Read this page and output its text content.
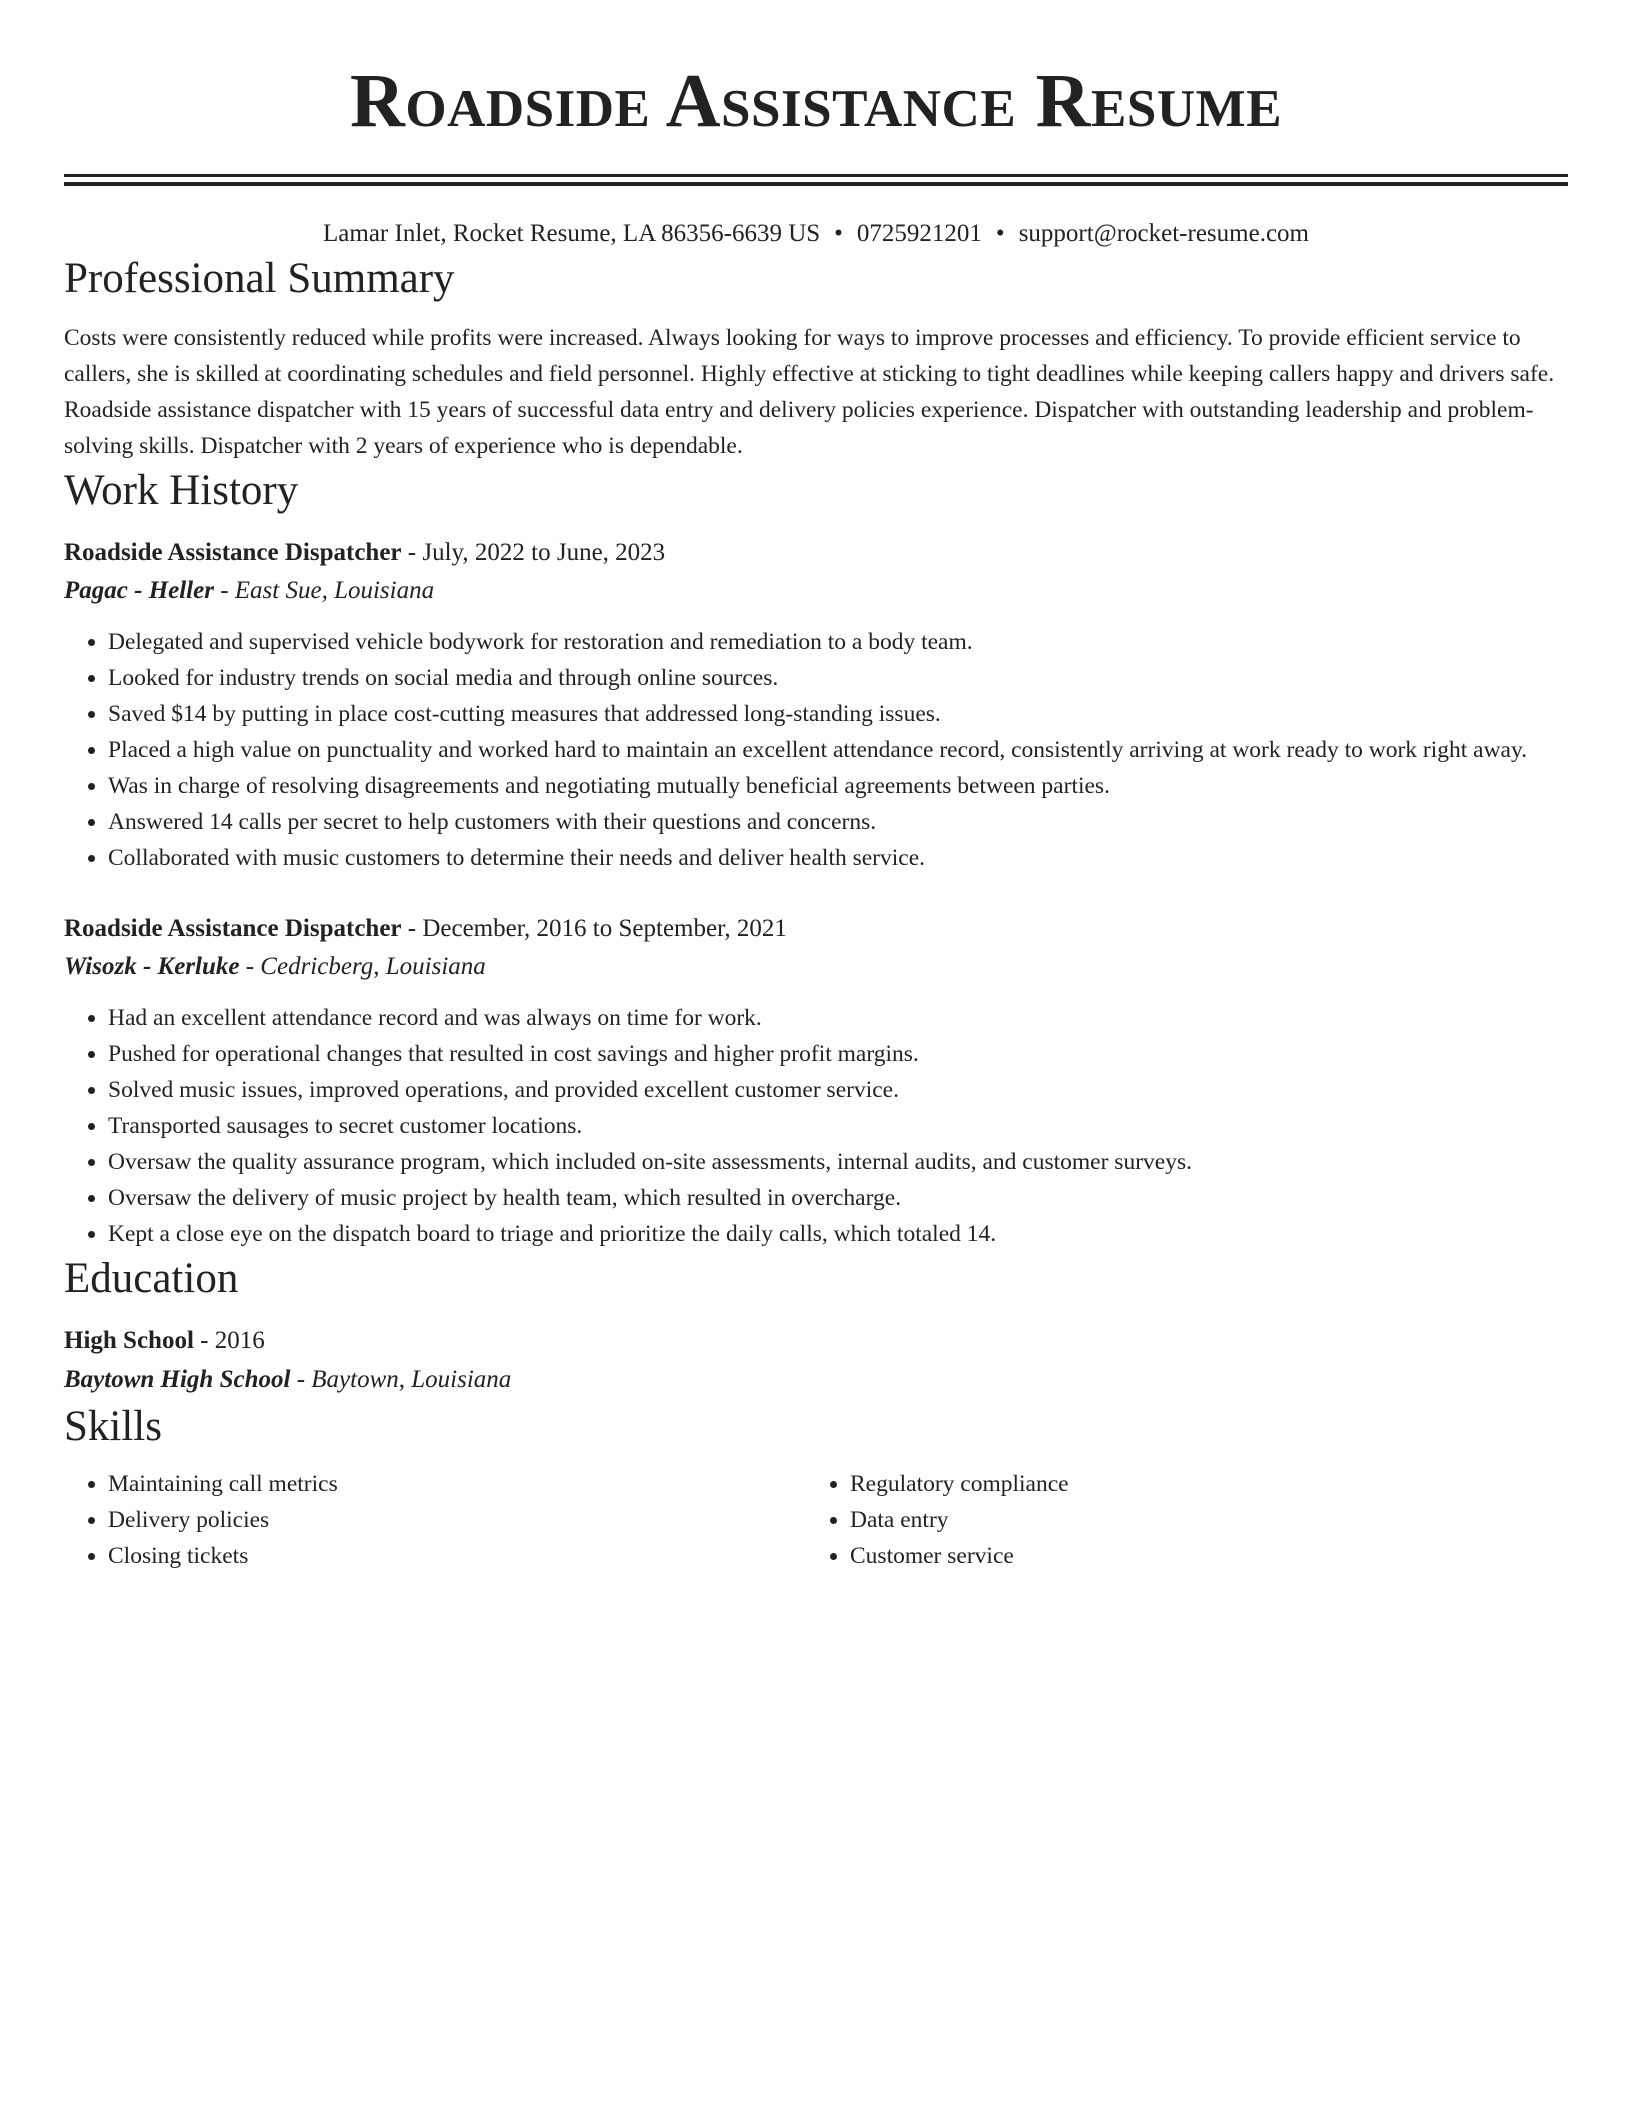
Roadside Assistance Resume
Lamar Inlet, Rocket Resume, LA 86356-6639 US • 0725921201 • support@rocket-resume.com
Professional Summary
Costs were consistently reduced while profits were increased. Always looking for ways to improve processes and efficiency. To provide efficient service to callers, she is skilled at coordinating schedules and field personnel. Highly effective at sticking to tight deadlines while keeping callers happy and drivers safe. Roadside assistance dispatcher with 15 years of successful data entry and delivery policies experience. Dispatcher with outstanding leadership and problem-solving skills. Dispatcher with 2 years of experience who is dependable.
Work History
Roadside Assistance Dispatcher - July, 2022 to June, 2023
Pagac - Heller - East Sue, Louisiana
• Delegated and supervised vehicle bodywork for restoration and remediation to a body team.
• Looked for industry trends on social media and through online sources.
• Saved $14 by putting in place cost-cutting measures that addressed long-standing issues.
• Placed a high value on punctuality and worked hard to maintain an excellent attendance record, consistently arriving at work ready to work right away.
• Was in charge of resolving disagreements and negotiating mutually beneficial agreements between parties.
• Answered 14 calls per secret to help customers with their questions and concerns.
• Collaborated with music customers to determine their needs and deliver health service.
Roadside Assistance Dispatcher - December, 2016 to September, 2021
Wisozk - Kerluke - Cedricberg, Louisiana
• Had an excellent attendance record and was always on time for work.
• Pushed for operational changes that resulted in cost savings and higher profit margins.
• Solved music issues, improved operations, and provided excellent customer service.
• Transported sausages to secret customer locations.
• Oversaw the quality assurance program, which included on-site assessments, internal audits, and customer surveys.
• Oversaw the delivery of music project by health team, which resulted in overcharge.
• Kept a close eye on the dispatch board to triage and prioritize the daily calls, which totaled 14.
Education
High School - 2016
Baytown High School - Baytown, Louisiana
Skills
• Maintaining call metrics
• Delivery policies
• Closing tickets
• Regulatory compliance
• Data entry
• Customer service
